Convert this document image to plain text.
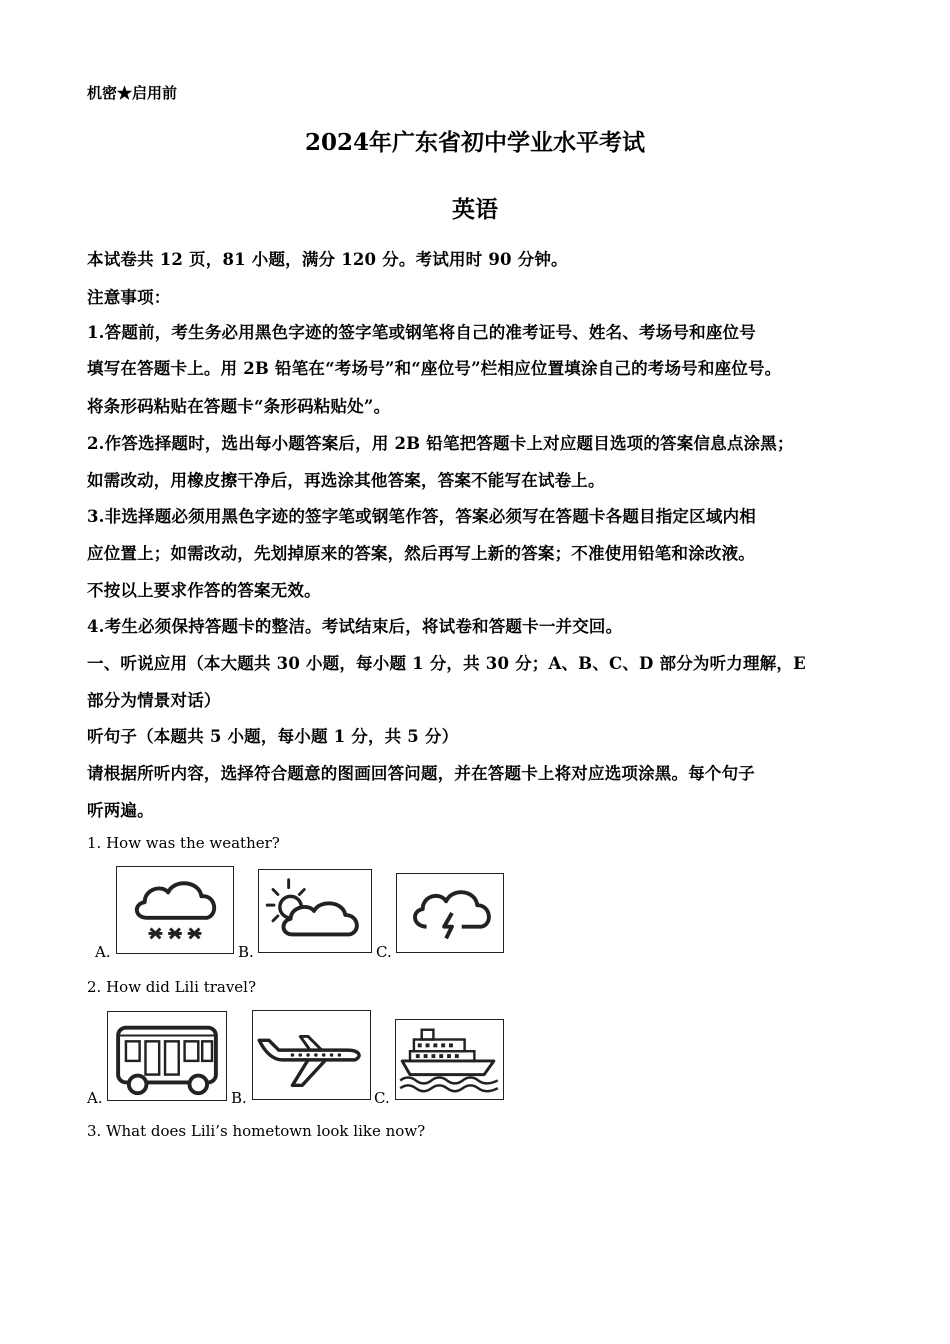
机密★启用前
2024年广东省初中学业水平考试
英语
本试卷共 12 页，81 小题，满分 120 分。考试用时 90 分钟。
注意事项：
1.答题前，考生务必用黑色字迹的签字笔或钢笔将自己的准考证号、姓名、考场号和座位号
填写在答题卡上。用 2B 铅笔在“考场号”和“座位号”栏相应位置填涂自己的考场号和座位号。
将条形码粘贴在答题卡“条形码粘贴处”。
2.作答选择题时，选出每小题答案后，用 2B 铅笔把答题卡上对应题目选项的答案信息点涂黑；
如需改动，用橡皮擦干净后，再选涂其他答案，答案不能写在试卷上。
3.非选择题必须用黑色字迹的签字笔或钢笔作答，答案必须写在答题卡各题目指定区域内相
应位置上；如需改动，先划掉原来的答案，然后再写上新的答案；不准使用铅笔和涂改液。
不按以上要求作答的答案无效。
4.考生必须保持答题卡的整洁。考试结束后，将试卷和答题卡一并交回。
一、听说应用（本大题共 30 小题，每小题 1 分，共 30 分；A、B、C、D 部分为听力理解，E
部分为情景对话）
听句子（本题共 5 小题，每小题 1 分，共 5 分）
请根据所听内容，选择符合题意的图画回答问题，并在答题卡上将对应选项涂黑。每个句子
听两遍。
1. How was the weather?
A.	B.	C.
2. How did Lili travel?
A.	B.	C.
3. What does Lili’s hometown look like now?
